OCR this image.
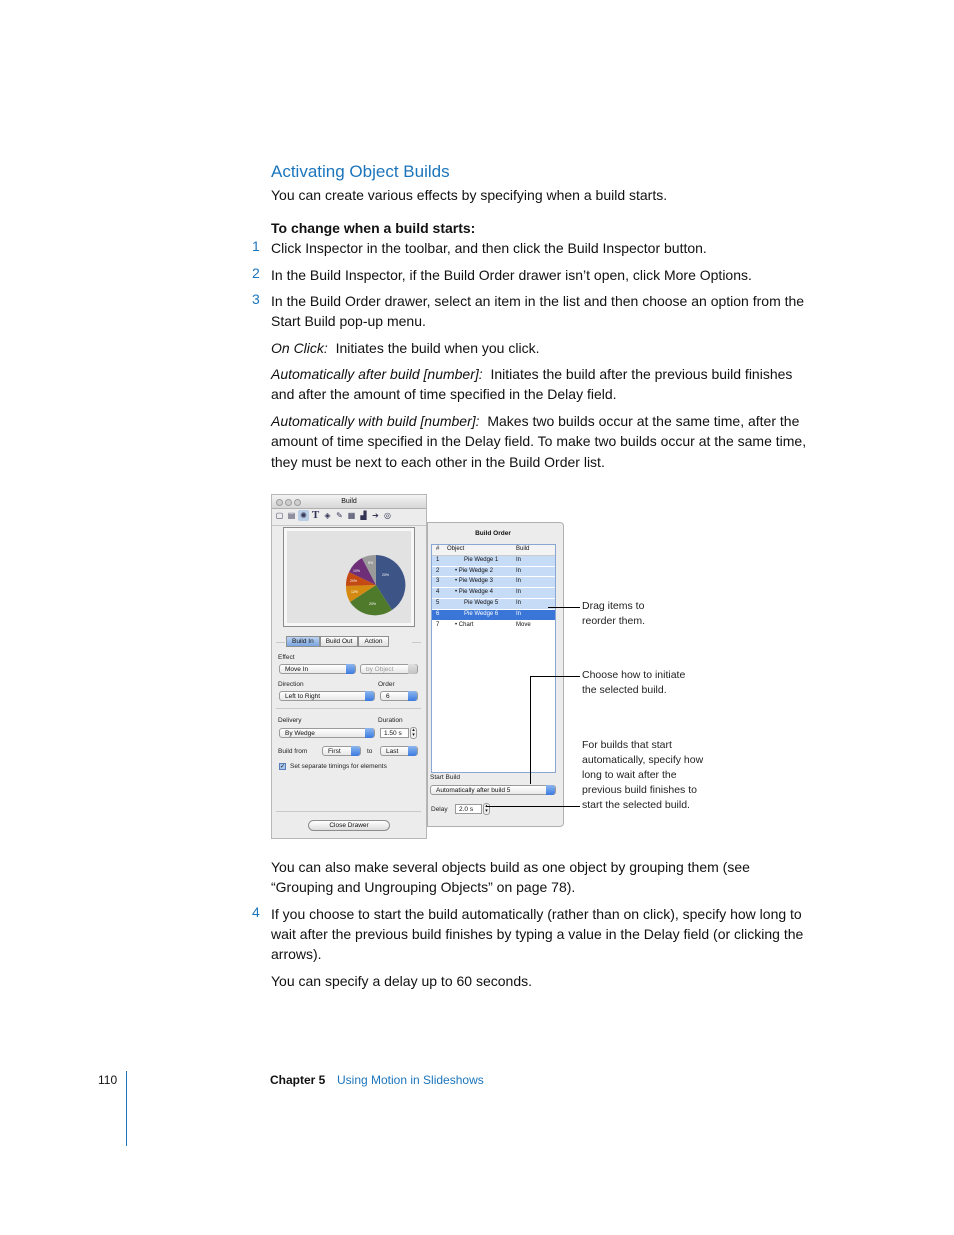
Activating Object Builds
You can create various effects by specifying when a build starts.
To change when a build starts:
1 Click Inspector in the toolbar, and then click the Build Inspector button.
2 In the Build Inspector, if the Build Order drawer isn’t open, click More Options.
3 In the Build Order drawer, select an item in the list and then choose an option from the
Start Build pop-up menu.
On Click: Initiates the build when you click.
Automatically after build [number]: Initiates the build after the previous build finishes
and after the amount of time specified in the Delay field.
Automatically with build [number]: Makes two builds occur at the same time, after the
amount of time specified in the Delay field. To make two builds occur at the same time,
they must be next to each other in the Build Order list.
Build
▢ ▤ ✺ T ◈ ✎ ▦ ▟ ➔ ◎
20%
8%
10%
20%
12%
20%
Build In	Build Out	Action
Effect
Move In	by Object
Direction	Order
Left to Right	6
Delivery	Duration
By Wedge	1.50 s	▴
▾
Build from	First	to	Last
✓ Set separate timings for elements
Close Drawer
Build Order
#	Object	Build
1	Pie Wedge 1	In
2	• Pie Wedge 2	In
3	• Pie Wedge 3	In
4	• Pie Wedge 4	In
5	Pie Wedge 5	In
6	Pie Wedge 6	In
7	• Chart	Move
Start Build
Automatically after build 5
Delay	2.0 s	▾
Drag items to
reorder them.
Choose how to initiate
the selected build.
For builds that start
automatically, specify how
long to wait after the
previous build finishes to
start the selected build.
You can also make several objects build as one object by grouping them (see
“Grouping and Ungrouping Objects” on page 78).
4 If you choose to start the build automatically (rather than on click), specify how long to
wait after the previous build finishes by typing a value in the Delay field (or clicking the
arrows).
You can specify a delay up to 60 seconds.
110	Chapter 5 Using Motion in Slideshows
